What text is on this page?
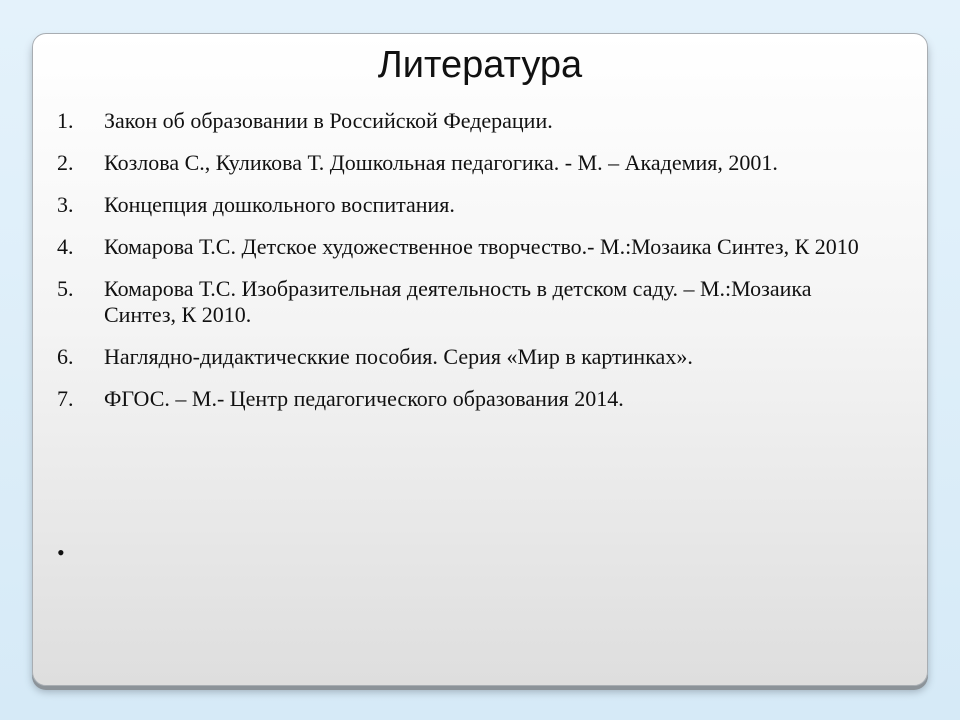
Литература
1.	Закон об образовании в Российской Федерации.
2.	Козлова С., Куликова Т. Дошкольная педагогика. - М. – Академия, 2001.
3.	Концепция дошкольного воспитания.
4.	Комарова Т.С. Детское художественное творчество.- М.:Мозаика Синтез, К 2010
5.	Комарова Т.С. Изобразительная деятельность в детском саду. – М.:Мозаика Синтез, К 2010.
6.	Наглядно-дидактическкие пособия. Серия «Мир в картинках».
7.	ФГОС. – М.- Центр педагогического образования 2014.
•
